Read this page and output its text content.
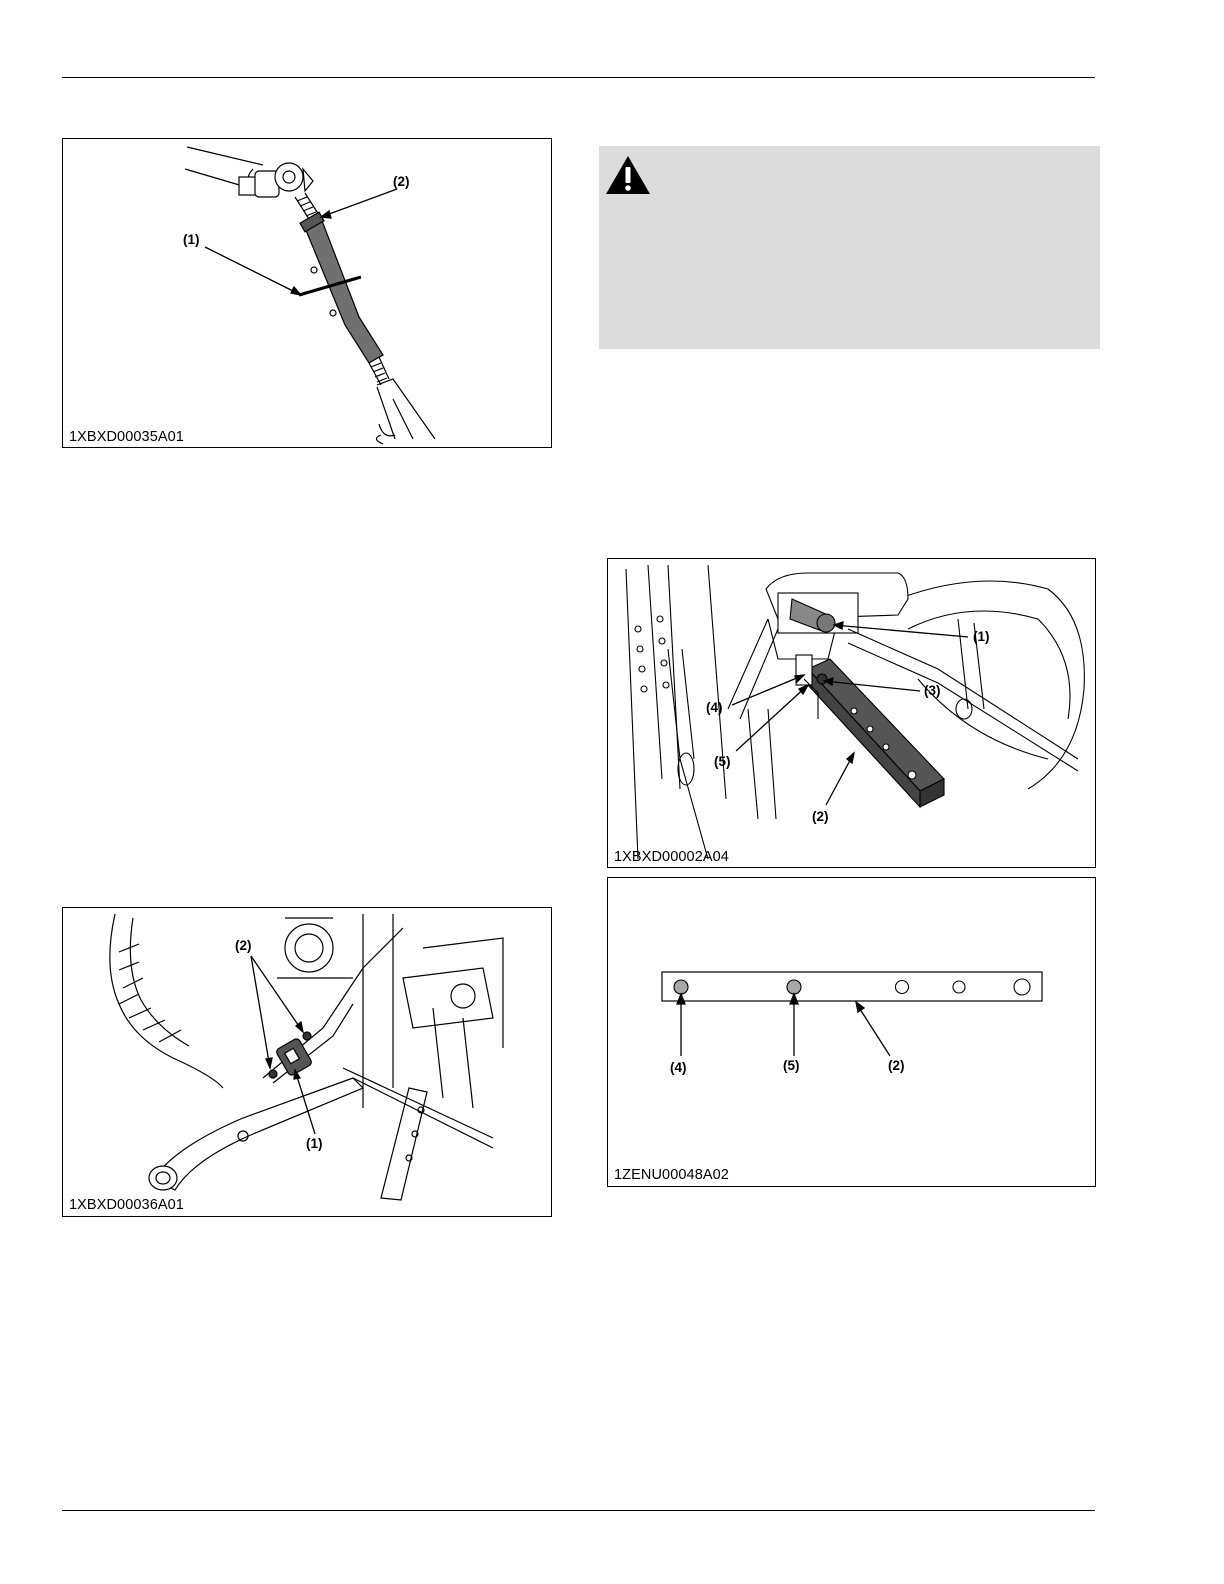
(1)
(2)
1XBXD00035A01
(2)
(1)
1XBXD00036A01
(1)
(3)
(4)
(5)
(2)
1XBXD00002A04
(4)	(5)	(2)
1ZENU00048A02
